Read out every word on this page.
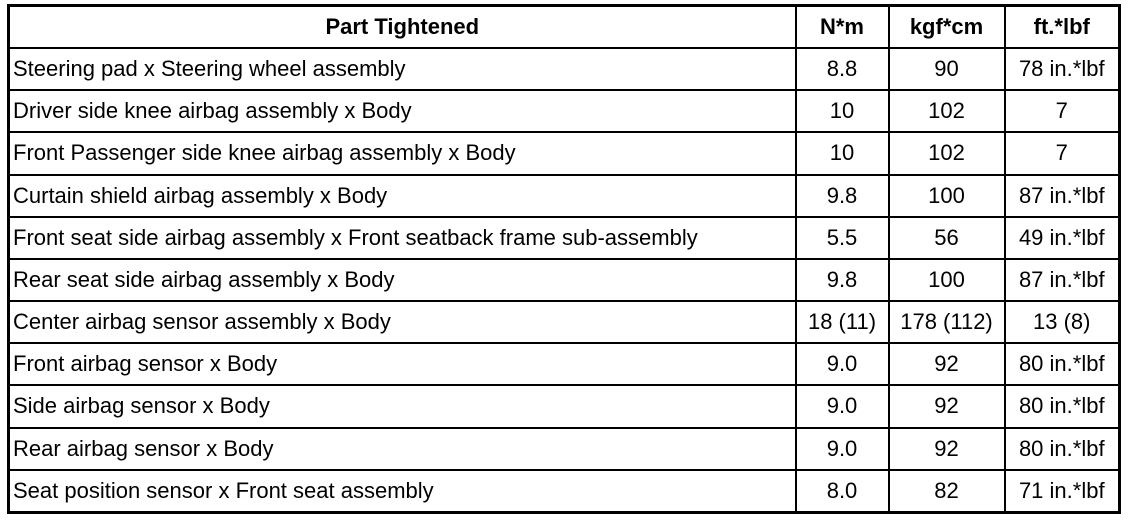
Part Tightened	N*m	kgf*cm	ft.*lbf
Steering pad x Steering wheel assembly	8.8	90	78 in.*lbf
Driver side knee airbag assembly x Body	10	102	7
Front Passenger side knee airbag assembly x Body	10	102	7
Curtain shield airbag assembly x Body	9.8	100	87 in.*lbf
Front seat side airbag assembly x Front seatback frame sub-assembly	5.5	56	49 in.*lbf
Rear seat side airbag assembly x Body	9.8	100	87 in.*lbf
Center airbag sensor assembly x Body	18 (11)	178 (112)	13 (8)
Front airbag sensor x Body	9.0	92	80 in.*lbf
Side airbag sensor x Body	9.0	92	80 in.*lbf
Rear airbag sensor x Body	9.0	92	80 in.*lbf
Seat position sensor x Front seat assembly	8.0	82	71 in.*lbf
